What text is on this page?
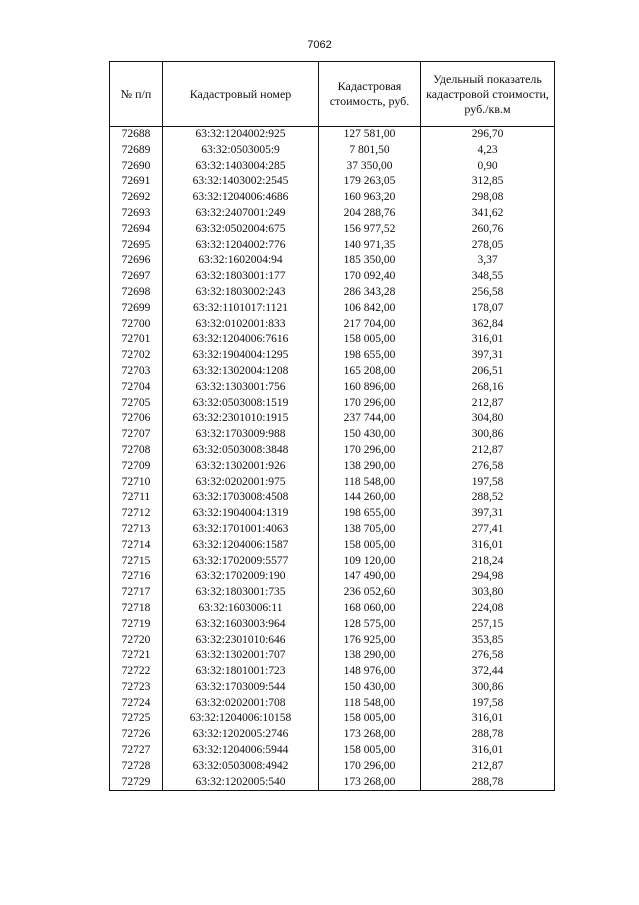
7062
№ п/п	Кадастровый номер	Кадастровая стоимость, руб.	Удельный показатель кадастровой стоимости, руб./кв.м
72688	63:32:1204002:925	127 581,00	296,70
72689	63:32:0503005:9	7 801,50	4,23
72690	63:32:1403004:285	37 350,00	0,90
72691	63:32:1403002:2545	179 263,05	312,85
72692	63:32:1204006:4686	160 963,20	298,08
72693	63:32:2407001:249	204 288,76	341,62
72694	63:32:0502004:675	156 977,52	260,76
72695	63:32:1204002:776	140 971,35	278,05
72696	63:32:1602004:94	185 350,00	3,37
72697	63:32:1803001:177	170 092,40	348,55
72698	63:32:1803002:243	286 343,28	256,58
72699	63:32:1101017:1121	106 842,00	178,07
72700	63:32:0102001:833	217 704,00	362,84
72701	63:32:1204006:7616	158 005,00	316,01
72702	63:32:1904004:1295	198 655,00	397,31
72703	63:32:1302004:1208	165 208,00	206,51
72704	63:32:1303001:756	160 896,00	268,16
72705	63:32:0503008:1519	170 296,00	212,87
72706	63:32:2301010:1915	237 744,00	304,80
72707	63:32:1703009:988	150 430,00	300,86
72708	63:32:0503008:3848	170 296,00	212,87
72709	63:32:1302001:926	138 290,00	276,58
72710	63:32:0202001:975	118 548,00	197,58
72711	63:32:1703008:4508	144 260,00	288,52
72712	63:32:1904004:1319	198 655,00	397,31
72713	63:32:1701001:4063	138 705,00	277,41
72714	63:32:1204006:1587	158 005,00	316,01
72715	63:32:1702009:5577	109 120,00	218,24
72716	63:32:1702009:190	147 490,00	294,98
72717	63:32:1803001:735	236 052,60	303,80
72718	63:32:1603006:11	168 060,00	224,08
72719	63:32:1603003:964	128 575,00	257,15
72720	63:32:2301010:646	176 925,00	353,85
72721	63:32:1302001:707	138 290,00	276,58
72722	63:32:1801001:723	148 976,00	372,44
72723	63:32:1703009:544	150 430,00	300,86
72724	63:32:0202001:708	118 548,00	197,58
72725	63:32:1204006:10158	158 005,00	316,01
72726	63:32:1202005:2746	173 268,00	288,78
72727	63:32:1204006:5944	158 005,00	316,01
72728	63:32:0503008:4942	170 296,00	212,87
72729	63:32:1202005:540	173 268,00	288,78
